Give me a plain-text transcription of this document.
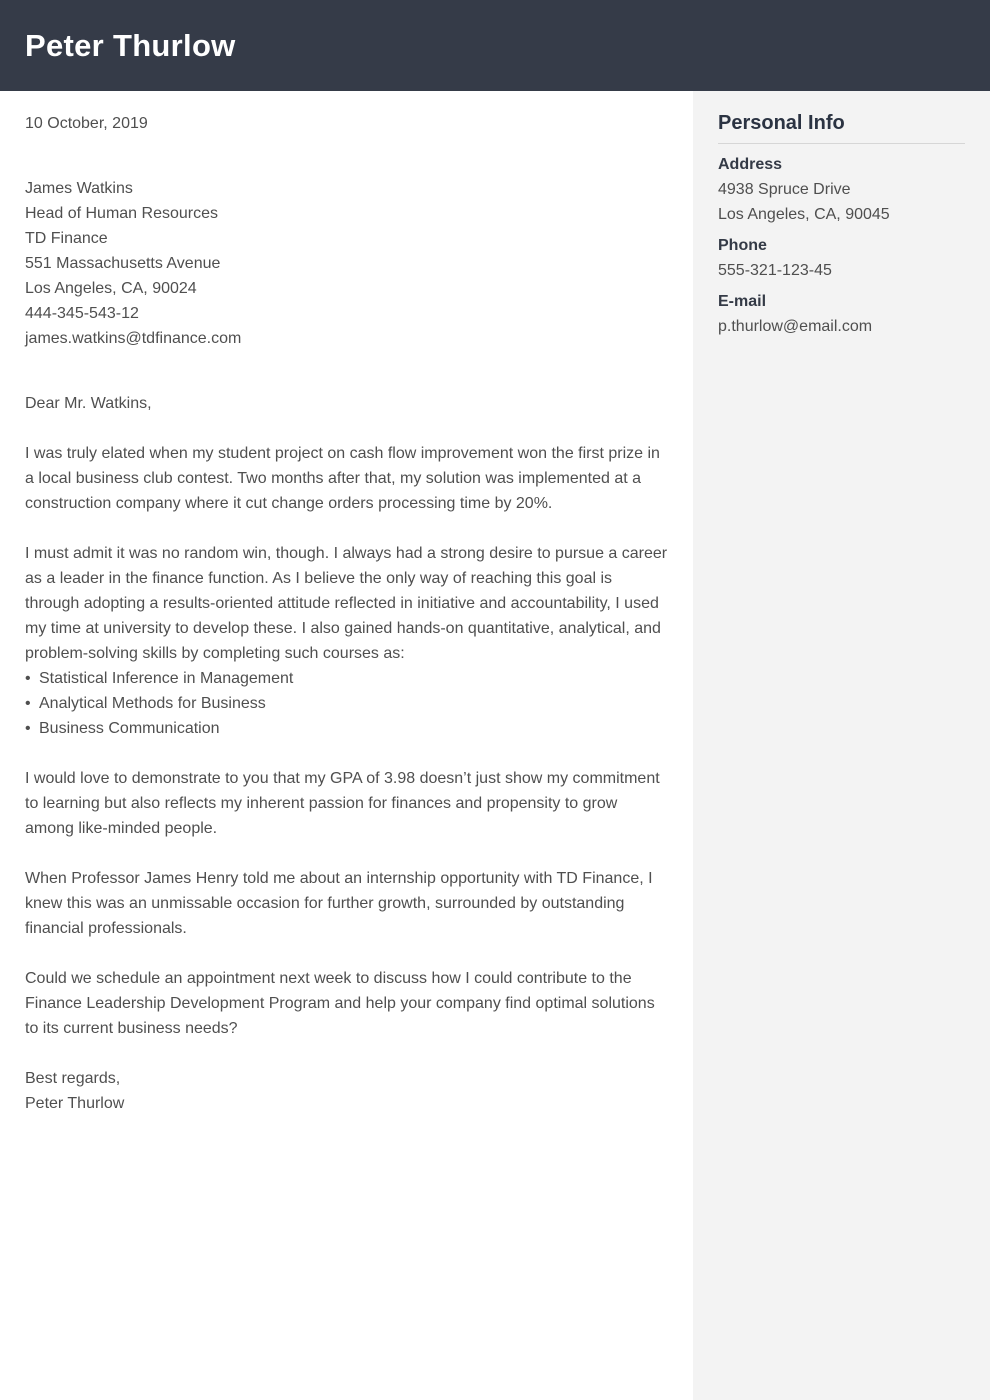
Peter Thurlow

10 October, 2019

James Watkins
Head of Human Resources
TD Finance
551 Massachusetts Avenue
Los Angeles, CA, 90024
444-345-543-12
james.watkins@tdfinance.com

Dear Mr. Watkins,

I was truly elated when my student project on cash flow improvement won the first prize in a local business club contest. Two months after that, my solution was implemented at a construction company where it cut change orders processing time by 20%.

I must admit it was no random win, though. I always had a strong desire to pursue a career as a leader in the finance function. As I believe the only way of reaching this goal is through adopting a results-oriented attitude reflected in initiative and accountability, I used my time at university to develop these. I also gained hands-on quantitative, analytical, and problem-solving skills by completing such courses as:

• Statistical Inference in Management
• Analytical Methods for Business
• Business Communication

I would love to demonstrate to you that my GPA of 3.98 doesn’t just show my commitment to learning but also reflects my inherent passion for finances and propensity to grow among like-minded people.

When Professor James Henry told me about an internship opportunity with TD Finance, I knew this was an unmissable occasion for further growth, surrounded by outstanding financial professionals.

Could we schedule an appointment next week to discuss how I could contribute to the Finance Leadership Development Program and help your company find optimal solutions to its current business needs?

Best regards,
Peter Thurlow
Personal Info
Address
4938 Spruce Drive
Los Angeles, CA, 90045
Phone
555-321-123-45
E-mail
p.thurlow@email.com
